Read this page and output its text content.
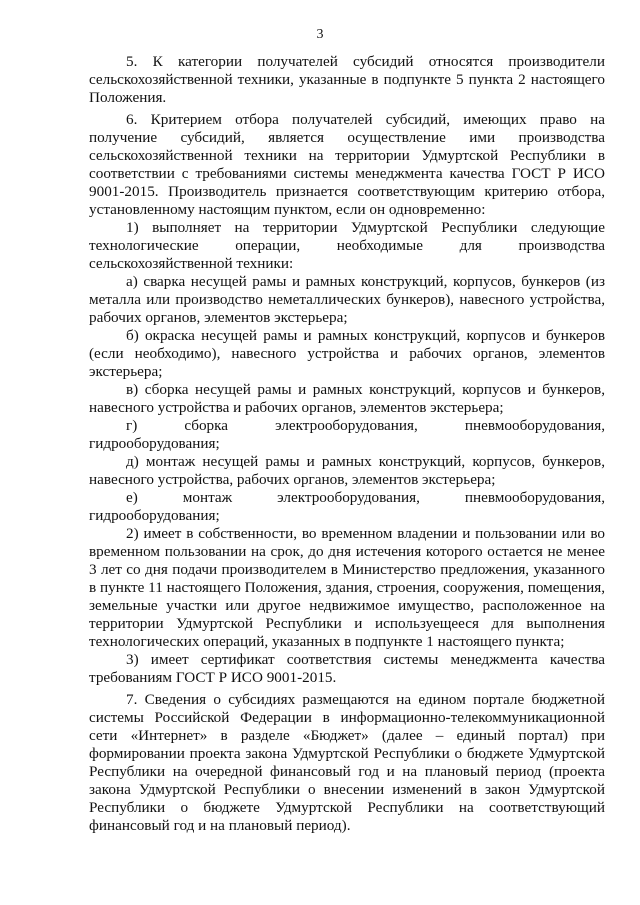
3

5. К категории получателей субсидий относятся производители сельскохозяйственной техники, указанные в подпункте 5 пункта 2 настоящего Положения.

6. Критерием отбора получателей субсидий, имеющих право на получение субсидий, является осуществление ими производства сельскохозяйственной техники на территории Удмуртской Республики в соответствии с требованиями системы менеджмента качества ГОСТ Р ИСО 9001-2015. Производитель признается соответствующим критерию отбора, установленному настоящим пунктом, если он одновременно:

1) выполняет на территории Удмуртской Республики следующие технологические операции, необходимые для производства сельскохозяйственной техники:

а) сварка несущей рамы и рамных конструкций, корпусов, бункеров (из металла или производство неметаллических бункеров), навесного устройства, рабочих органов, элементов экстерьера;

б) окраска несущей рамы и рамных конструкций, корпусов и бункеров (если необходимо), навесного устройства и рабочих органов, элементов экстерьера;

в) сборка несущей рамы и рамных конструкций, корпусов и бункеров, навесного устройства и рабочих органов, элементов экстерьера;

г) сборка электрооборудования, пневмооборудования, гидрооборудования;

д) монтаж несущей рамы и рамных конструкций, корпусов, бункеров, навесного устройства, рабочих органов, элементов экстерьера;

е) монтаж электрооборудования, пневмооборудования, гидрооборудования;

2) имеет в собственности, во временном владении и пользовании или во временном пользовании на срок, до дня истечения которого остается не менее 3 лет со дня подачи производителем в Министерство предложения, указанного в пункте 11 настоящего Положения, здания, строения, сооружения, помещения, земельные участки или другое недвижимое имущество, расположенное на территории Удмуртской Республики и используещееся для выполнения технологических операций, указанных в подпункте 1 настоящего пункта;

3) имеет сертификат соответствия системы менеджмента качества требованиям ГОСТ Р ИСО 9001-2015.

7. Сведения о субсидиях размещаются на едином портале бюджетной системы Российской Федерации в информационно-телекоммуникационной сети «Интернет» в разделе «Бюджет» (далее – единый портал) при формировании проекта закона Удмуртской Республики о бюджете Удмуртской Республики на очередной финансовый год и на плановый период (проекта закона Удмуртской Республики о внесении изменений в закон Удмуртской Республики о бюджете Удмуртской Республики на соответствующий финансовый год и на плановый период).
